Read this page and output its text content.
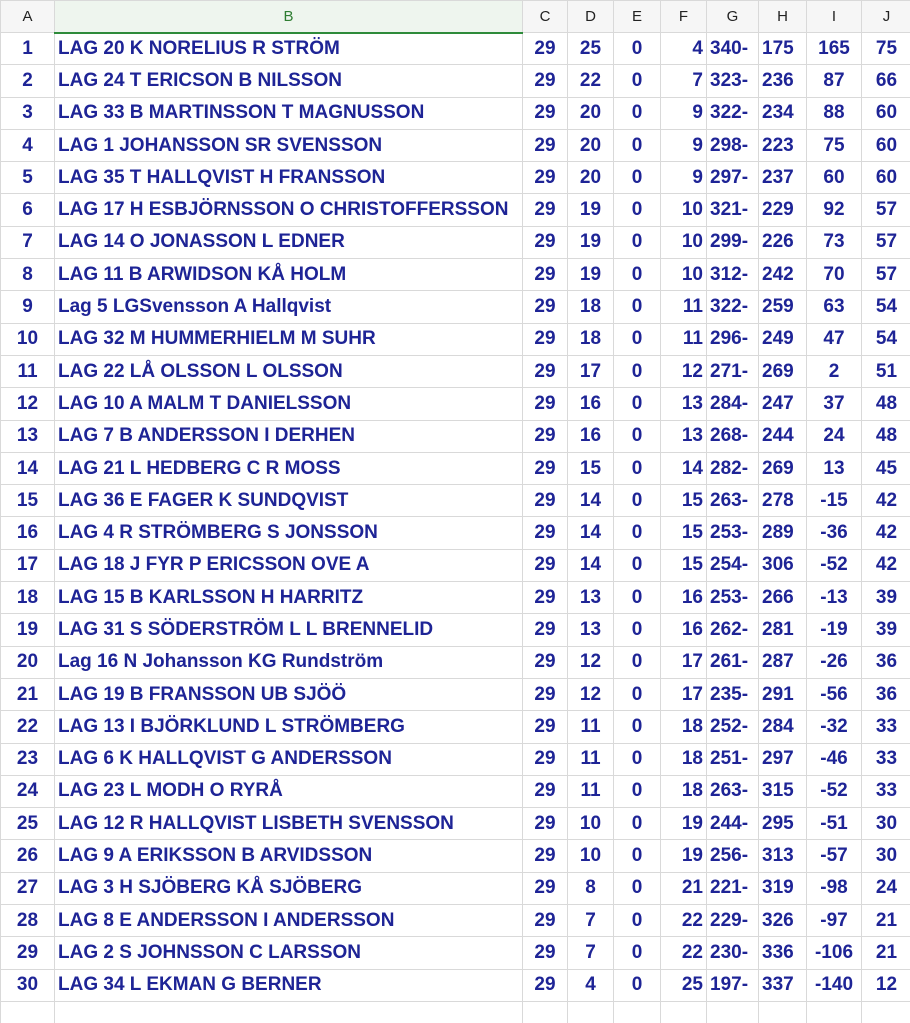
A	B	C	D	E	F	G	H	I	J
1	LAG 20 K NORELIUS R STRÖM	29	25	0	4	340-	175	165	75
2	LAG 24 T ERICSON B NILSSON	29	22	0	7	323-	236	87	66
3	LAG 33 B MARTINSSON T MAGNUSSON	29	20	0	9	322-	234	88	60
4	LAG 1 JOHANSSON SR SVENSSON	29	20	0	9	298-	223	75	60
5	LAG 35 T HALLQVIST H FRANSSON	29	20	0	9	297-	237	60	60
6	LAG 17 H ESBJÖRNSSON O CHRISTOFFERSSON	29	19	0	10	321-	229	92	57
7	LAG 14 O JONASSON L EDNER	29	19	0	10	299-	226	73	57
8	LAG 11 B ARWIDSON KÅ HOLM	29	19	0	10	312-	242	70	57
9	Lag 5 LGSvensson A Hallqvist	29	18	0	11	322-	259	63	54
10	LAG 32 M HUMMERHIELM M SUHR	29	18	0	11	296-	249	47	54
11	LAG 22 LÅ OLSSON L OLSSON	29	17	0	12	271-	269	2	51
12	LAG 10 A MALM T DANIELSSON	29	16	0	13	284-	247	37	48
13	LAG 7 B ANDERSSON I DERHEN	29	16	0	13	268-	244	24	48
14	LAG 21 L HEDBERG C R MOSS	29	15	0	14	282-	269	13	45
15	LAG 36 E FAGER K SUNDQVIST	29	14	0	15	263-	278	-15	42
16	LAG 4 R STRÖMBERG S JONSSON	29	14	0	15	253-	289	-36	42
17	LAG 18 J FYR P ERICSSON OVE A	29	14	0	15	254-	306	-52	42
18	LAG 15 B KARLSSON H HARRITZ	29	13	0	16	253-	266	-13	39
19	LAG 31 S SÖDERSTRÖM L L BRENNELID	29	13	0	16	262-	281	-19	39
20	Lag 16 N Johansson KG Rundström	29	12	0	17	261-	287	-26	36
21	LAG 19 B FRANSSON UB SJÖÖ	29	12	0	17	235-	291	-56	36
22	LAG 13 I BJÖRKLUND L STRÖMBERG	29	11	0	18	252-	284	-32	33
23	LAG 6 K HALLQVIST G ANDERSSON	29	11	0	18	251-	297	-46	33
24	LAG 23 L MODH O RYRÅ	29	11	0	18	263-	315	-52	33
25	LAG 12 R HALLQVIST LISBETH SVENSSON	29	10	0	19	244-	295	-51	30
26	LAG 9 A ERIKSSON B ARVIDSSON	29	10	0	19	256-	313	-57	30
27	LAG 3 H SJÖBERG KÅ SJÖBERG	29	8	0	21	221-	319	-98	24
28	LAG 8 E ANDERSSON I ANDERSSON	29	7	0	22	229-	326	-97	21
29	LAG 2 S JOHNSSON C LARSSON	29	7	0	22	230-	336	-106	21
30	LAG 34 L EKMAN G BERNER	29	4	0	25	197-	337	-140	12
